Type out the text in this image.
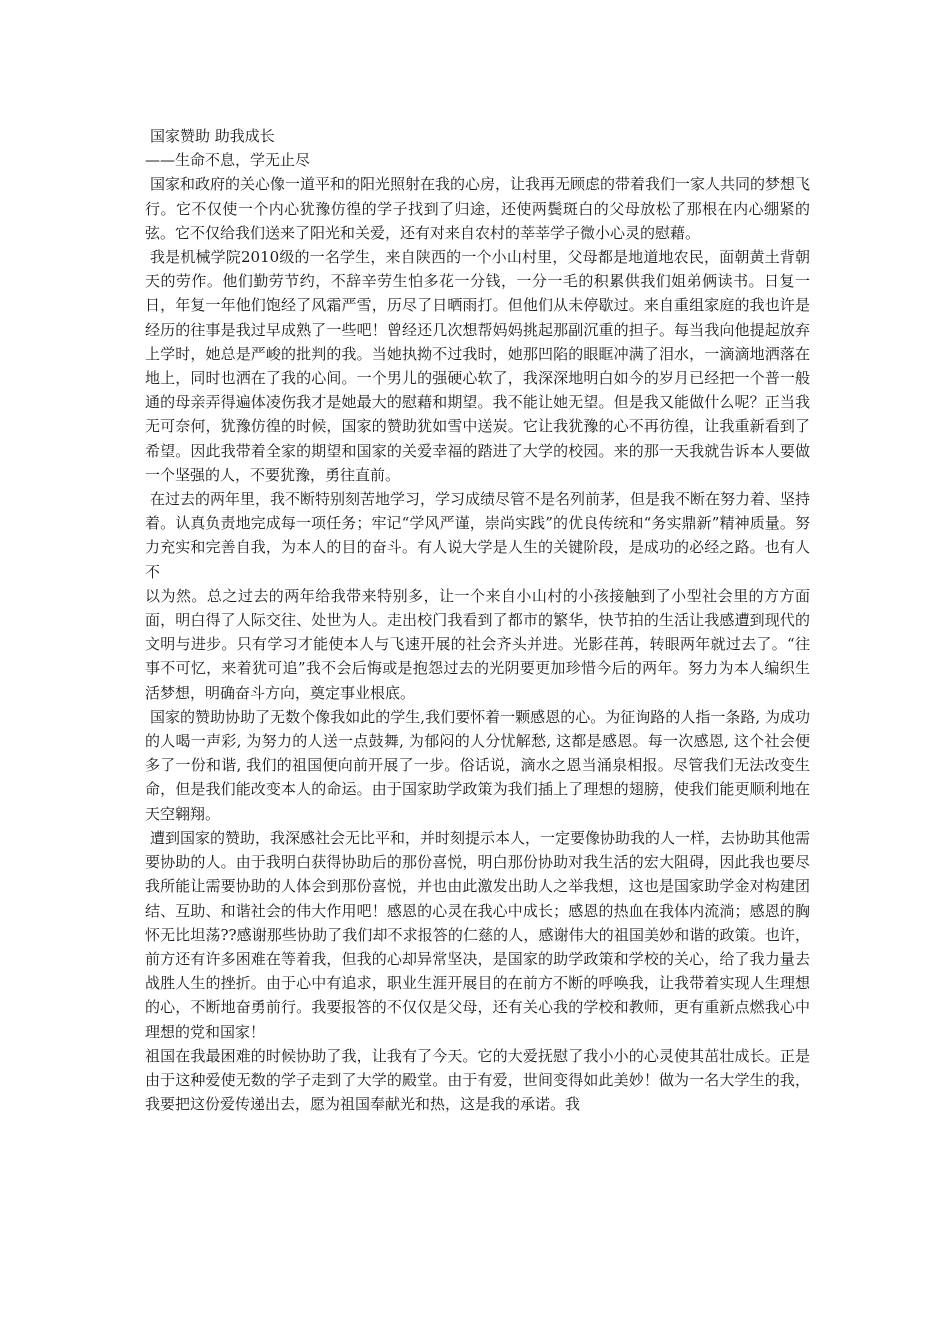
国家赞助 助我成长

——生命不息，学无止尽

国家和政府的关心像一道平和的阳光照射在我的心房，让我再无顾虑的带着我们一家人共同的梦想飞行。它不仅使一个内心犹豫仿徨的学子找到了归途，还使两鬓斑白的父母放松了那根在内心绷紧的弦。它不仅给我们送来了阳光和关爱，还有对来自农村的莘莘学子微小心灵的慰藉。

我是机械学院2010级的一名学生，来自陕西的一个小山村里，父母都是地道地农民，面朝黄土背朝天的劳作。他们勤劳节约，不辞辛劳生怕多花一分钱，一分一毛的积累供我们姐弟俩读书。日复一日，年复一年他们饱经了风霜严雪，历尽了日晒雨打。但他们从未停歇过。来自重组家庭的我也许是经历的往事是我过早成熟了一些吧！曾经还几次想帮妈妈挑起那副沉重的担子。每当我向他提起放弃上学时，她总是严峻的批判的我。当她执拗不过我时，她那凹陷的眼眶冲满了泪水，一滴滴地洒落在地上，同时也洒在了我的心间。一个男儿的强硬心软了，我深深地明白如今的岁月已经把一个普一般通的母亲弄得遍体凌伤我才是她最大的慰藉和期望。我不能让她无望。但是我又能做什么呢？正当我无可奈何，犹豫仿徨的时候，国家的赞助犹如雪中送炭。它让我犹豫的心不再彷徨，让我重新看到了希望。因此我带着全家的期望和国家的关爱幸福的踏进了大学的校园。来的那一天我就告诉本人要做一个坚强的人，不要犹豫，勇往直前。

在过去的两年里，我不断特别刻苦地学习，学习成绩尽管不是名列前茅，但是我不断在努力着、坚持着。认真负责地完成每一项任务；牢记“学风严谨，崇尚实践”的优良传统和“务实鼎新”精神质量。努力充实和完善自我，为本人的目的奋斗。有人说大学是人生的关键阶段，是成功的必经之路。也有人不

以为然。总之过去的两年给我带来特别多，让一个来自小山村的小孩接触到了小型社会里的方方面面，明白得了人际交往、处世为人。走出校门我看到了都市的繁华，快节拍的生活让我感遭到现代的文明与进步。只有学习才能使本人与飞速开展的社会齐头并进。光影荏苒，转眼两年就过去了。“往事不可忆，来着犹可追”我不会后悔或是抱怨过去的光阴要更加珍惜今后的两年。努力为本人编织生活梦想，明确奋斗方向，奠定事业根底。

国家的赞助协助了无数个像我如此的学生,我们要怀着一颗感恩的心。为征询路的人指一条路, 为成功的人喝一声彩, 为努力的人送一点鼓舞, 为郁闷的人分忧解愁, 这都是感恩。每一次感恩, 这个社会便多了一份和谐, 我们的祖国便向前开展了一步。俗话说，滴水之恩当涌泉相报。尽管我们无法改变生命，但是我们能改变本人的命运。由于国家助学政策为我们插上了理想的翅膀，使我们能更顺利地在天空翱翔。

遭到国家的赞助，我深感社会无比平和，并时刻提示本人，一定要像协助我的人一样，去协助其他需要协助的人。由于我明白获得协助后的那份喜悦，明白那份协助对我生活的宏大阻碍，因此我也要尽我所能让需要协助的人体会到那份喜悦，并也由此激发出助人之举我想，这也是国家助学金对构建团结、互助、和谐社会的伟大作用吧！感恩的心灵在我心中成长；感恩的热血在我体内流淌；感恩的胸怀无比坦荡??感谢那些协助了我们却不求报答的仁慈的人，感谢伟大的祖国美妙和谐的政策。也许，前方还有许多困难在等着我，但我的心却异常坚决，是国家的助学政策和学校的关心，给了我力量去战胜人生的挫折。由于心中有追求，职业生涯开展目的在前方不断的呼唤我，让我带着实现人生理想的心，不断地奋勇前行。我要报答的不仅仅是父母，还有关心我的学校和教师，更有重新点燃我心中理想的党和国家！

祖国在我最困难的时候协助了我，让我有了今天。它的大爱抚慰了我小小的心灵使其茁壮成长。正是由于这种爱使无数的学子走到了大学的殿堂。由于有爱，世间变得如此美妙！做为一名大学生的我，我要把这份爱传递出去，愿为祖国奉献光和热，这是我的承诺。我
